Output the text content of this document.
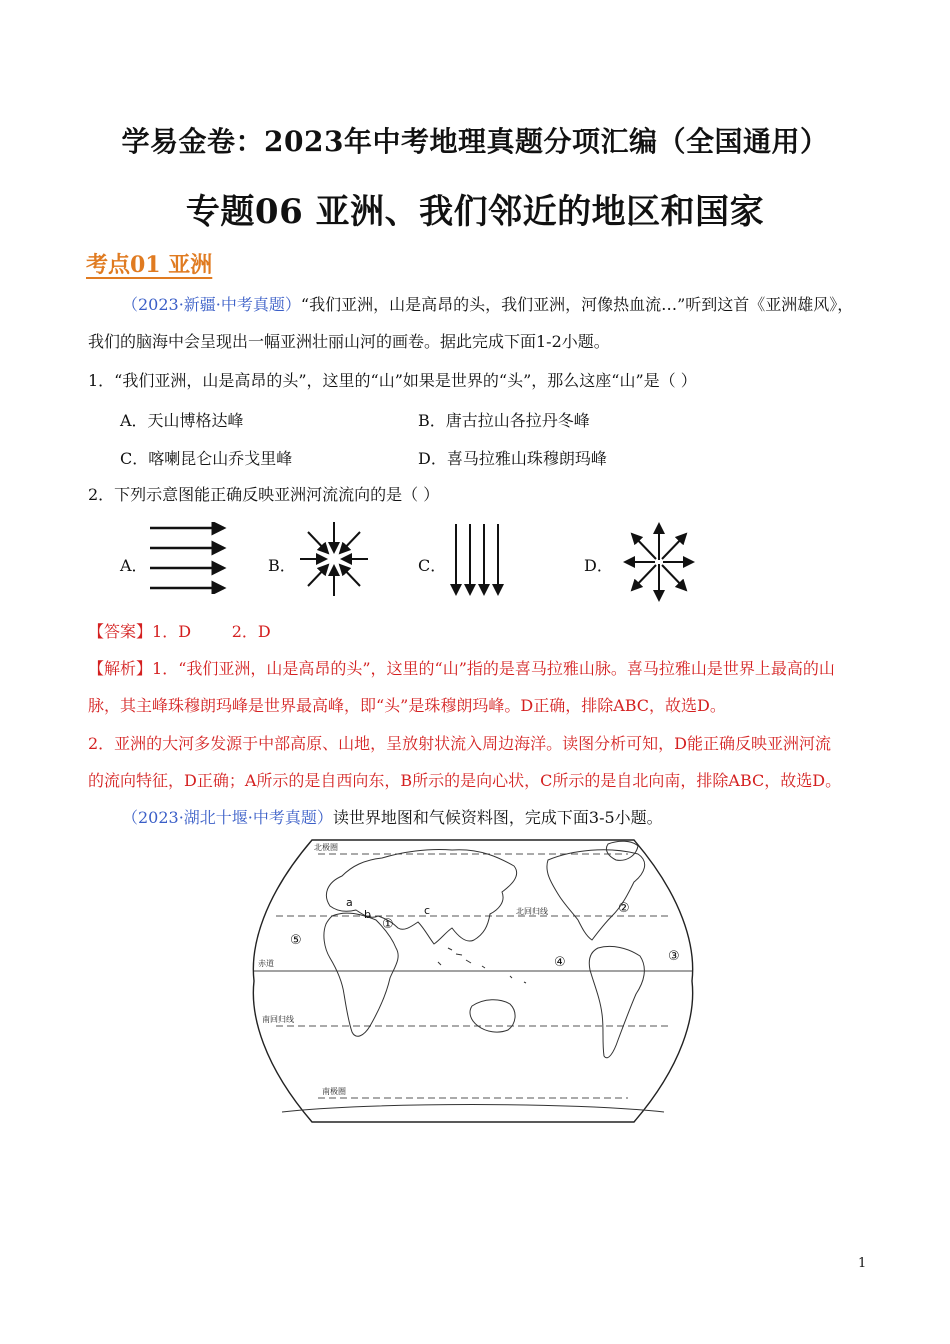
学易金卷：2023年中考地理真题分项汇编（全国通用）
专题06 亚洲、我们邻近的地区和国家
考点01 亚洲
（2023·新疆·中考真题）“我们亚洲，山是高昂的头，我们亚洲，河像热血流…”听到这首《亚洲雄风》，
我们的脑海中会呈现出一幅亚洲壮丽山河的画卷。据此完成下面1-2小题。
1．“我们亚洲，山是高昂的头”，这里的“山”如果是世界的“头”，那么这座“山”是（ ）
A．天山博格达峰	B．唐古拉山各拉丹冬峰
C．喀喇昆仑山乔戈里峰	D．喜马拉雅山珠穆朗玛峰
2．下列示意图能正确反映亚洲河流流向的是（ ）
A．	B．	C．	D．
【答案】1．D        2．D
【解析】1．“我们亚洲，山是高昂的头”，这里的“山”指的是喜马拉雅山脉。喜马拉雅山是世界上最高的山
脉，其主峰珠穆朗玛峰是世界最高峰，即“头”是珠穆朗玛峰。D正确，排除ABC，故选D。
2．亚洲的大河多发源于中部高原、山地，呈放射状流入周边海洋。读图分析可知，D能正确反映亚洲河流
的流向特征，D正确；A所示的是自西向东，B所示的是向心状，C所示的是自北向南，排除ABC，故选D。
（2023·湖北十堰·中考真题）读世界地图和气候资料图，完成下面3-5小题。
北极圈
北回归线
赤道
南回归线
南极圈
a
b	c
①
②
③
④
⑤
1
